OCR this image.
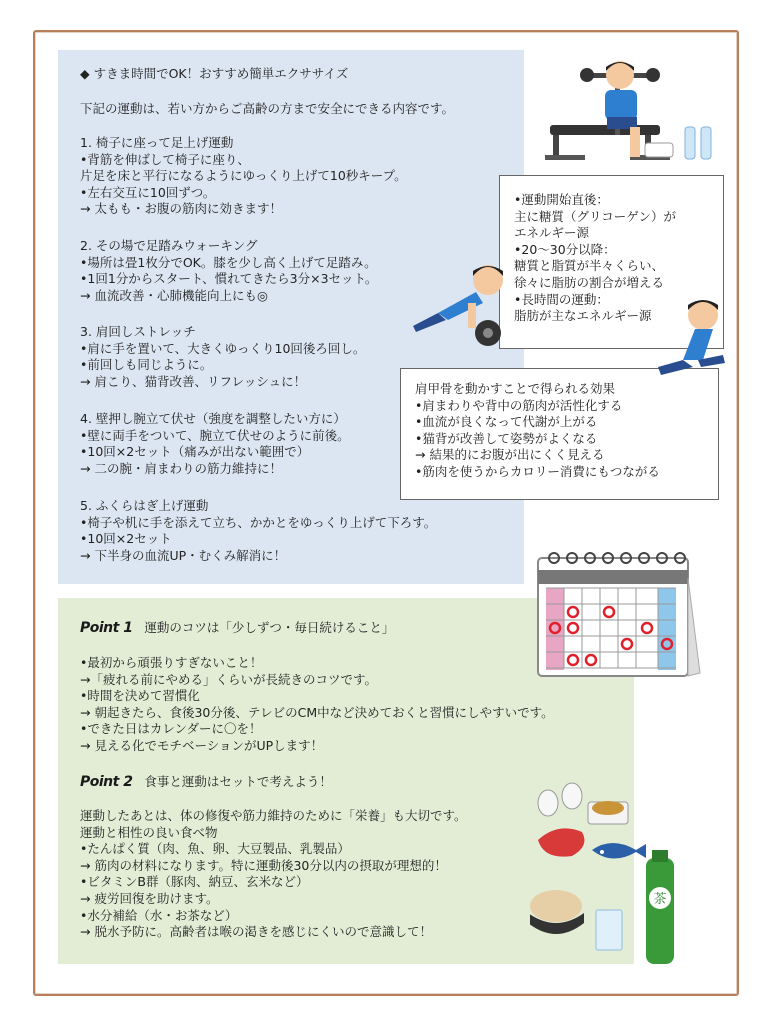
◆ すきま時間でOK！おすすめ簡単エクササイズ
下記の運動は、若い方からご高齢の方まで安全にできる内容です。
1. 椅子に座って足上げ運動
•背筋を伸ばして椅子に座り、
片足を床と平行になるようにゆっくり上げて10秒キープ。
•左右交互に10回ずつ。
→ 太もも・お腹の筋肉に効きます！
2. その場で足踏みウォーキング
•場所は畳1枚分でOK。膝を少し高く上げて足踏み。
•1回1分からスタート、慣れてきたら3分×3セット。
→ 血流改善・心肺機能向上にも◎
3. 肩回しストレッチ
•肩に手を置いて、大きくゆっくり10回後ろ回し。
•前回しも同じように。
→ 肩こり、猫背改善、リフレッシュに！
4. 壁押し腕立て伏せ（強度を調整したい方に）
•壁に両手をついて、腕立て伏せのように前後。
•10回×2セット（痛みが出ない範囲で）
→ 二の腕・肩まわりの筋力維持に！
5. ふくらはぎ上げ運動
•椅子や机に手を添えて立ち、かかとをゆっくり上げて下ろす。
•10回×2セット
→ 下半身の血流UP・むくみ解消に！
•運動開始直後：
主に糖質（グリコーゲン）が
エネルギー源
•20〜30分以降：
糖質と脂質が半々くらい、
徐々に脂肪の割合が増える
•長時間の運動：
脂肪が主なエネルギー源
肩甲骨を動かすことで得られる効果
•肩まわりや背中の筋肉が活性化する
•血流が良くなって代謝が上がる
•猫背が改善して姿勢がよくなる
→ 結果的にお腹が出にくく見える
•筋肉を使うからカロリー消費にもつながる
Point 1 運動のコツは「少しずつ・毎日続けること」
•最初から頑張りすぎないこと！
→「疲れる前にやめる」くらいが長続きのコツです。
•時間を決めて習慣化
→ 朝起きたら、食後30分後、テレビのCM中など決めておくと習慣にしやすいです。
•できた日はカレンダーに〇を！
→ 見える化でモチベーションがUPします！
Point 2 食事と運動はセットで考えよう！
運動したあとは、体の修復や筋力維持のために「栄養」も大切です。
運動と相性の良い食べ物
•たんぱく質（肉、魚、卵、大豆製品、乳製品）
→ 筋肉の材料になります。特に運動後30分以内の摂取が理想的！
•ビタミンB群（豚肉、納豆、玄米など）
→ 疲労回復を助けます。
•水分補給（水・お茶など）
→ 脱水予防に。高齢者は喉の渇きを感じにくいので意識して！
茶
